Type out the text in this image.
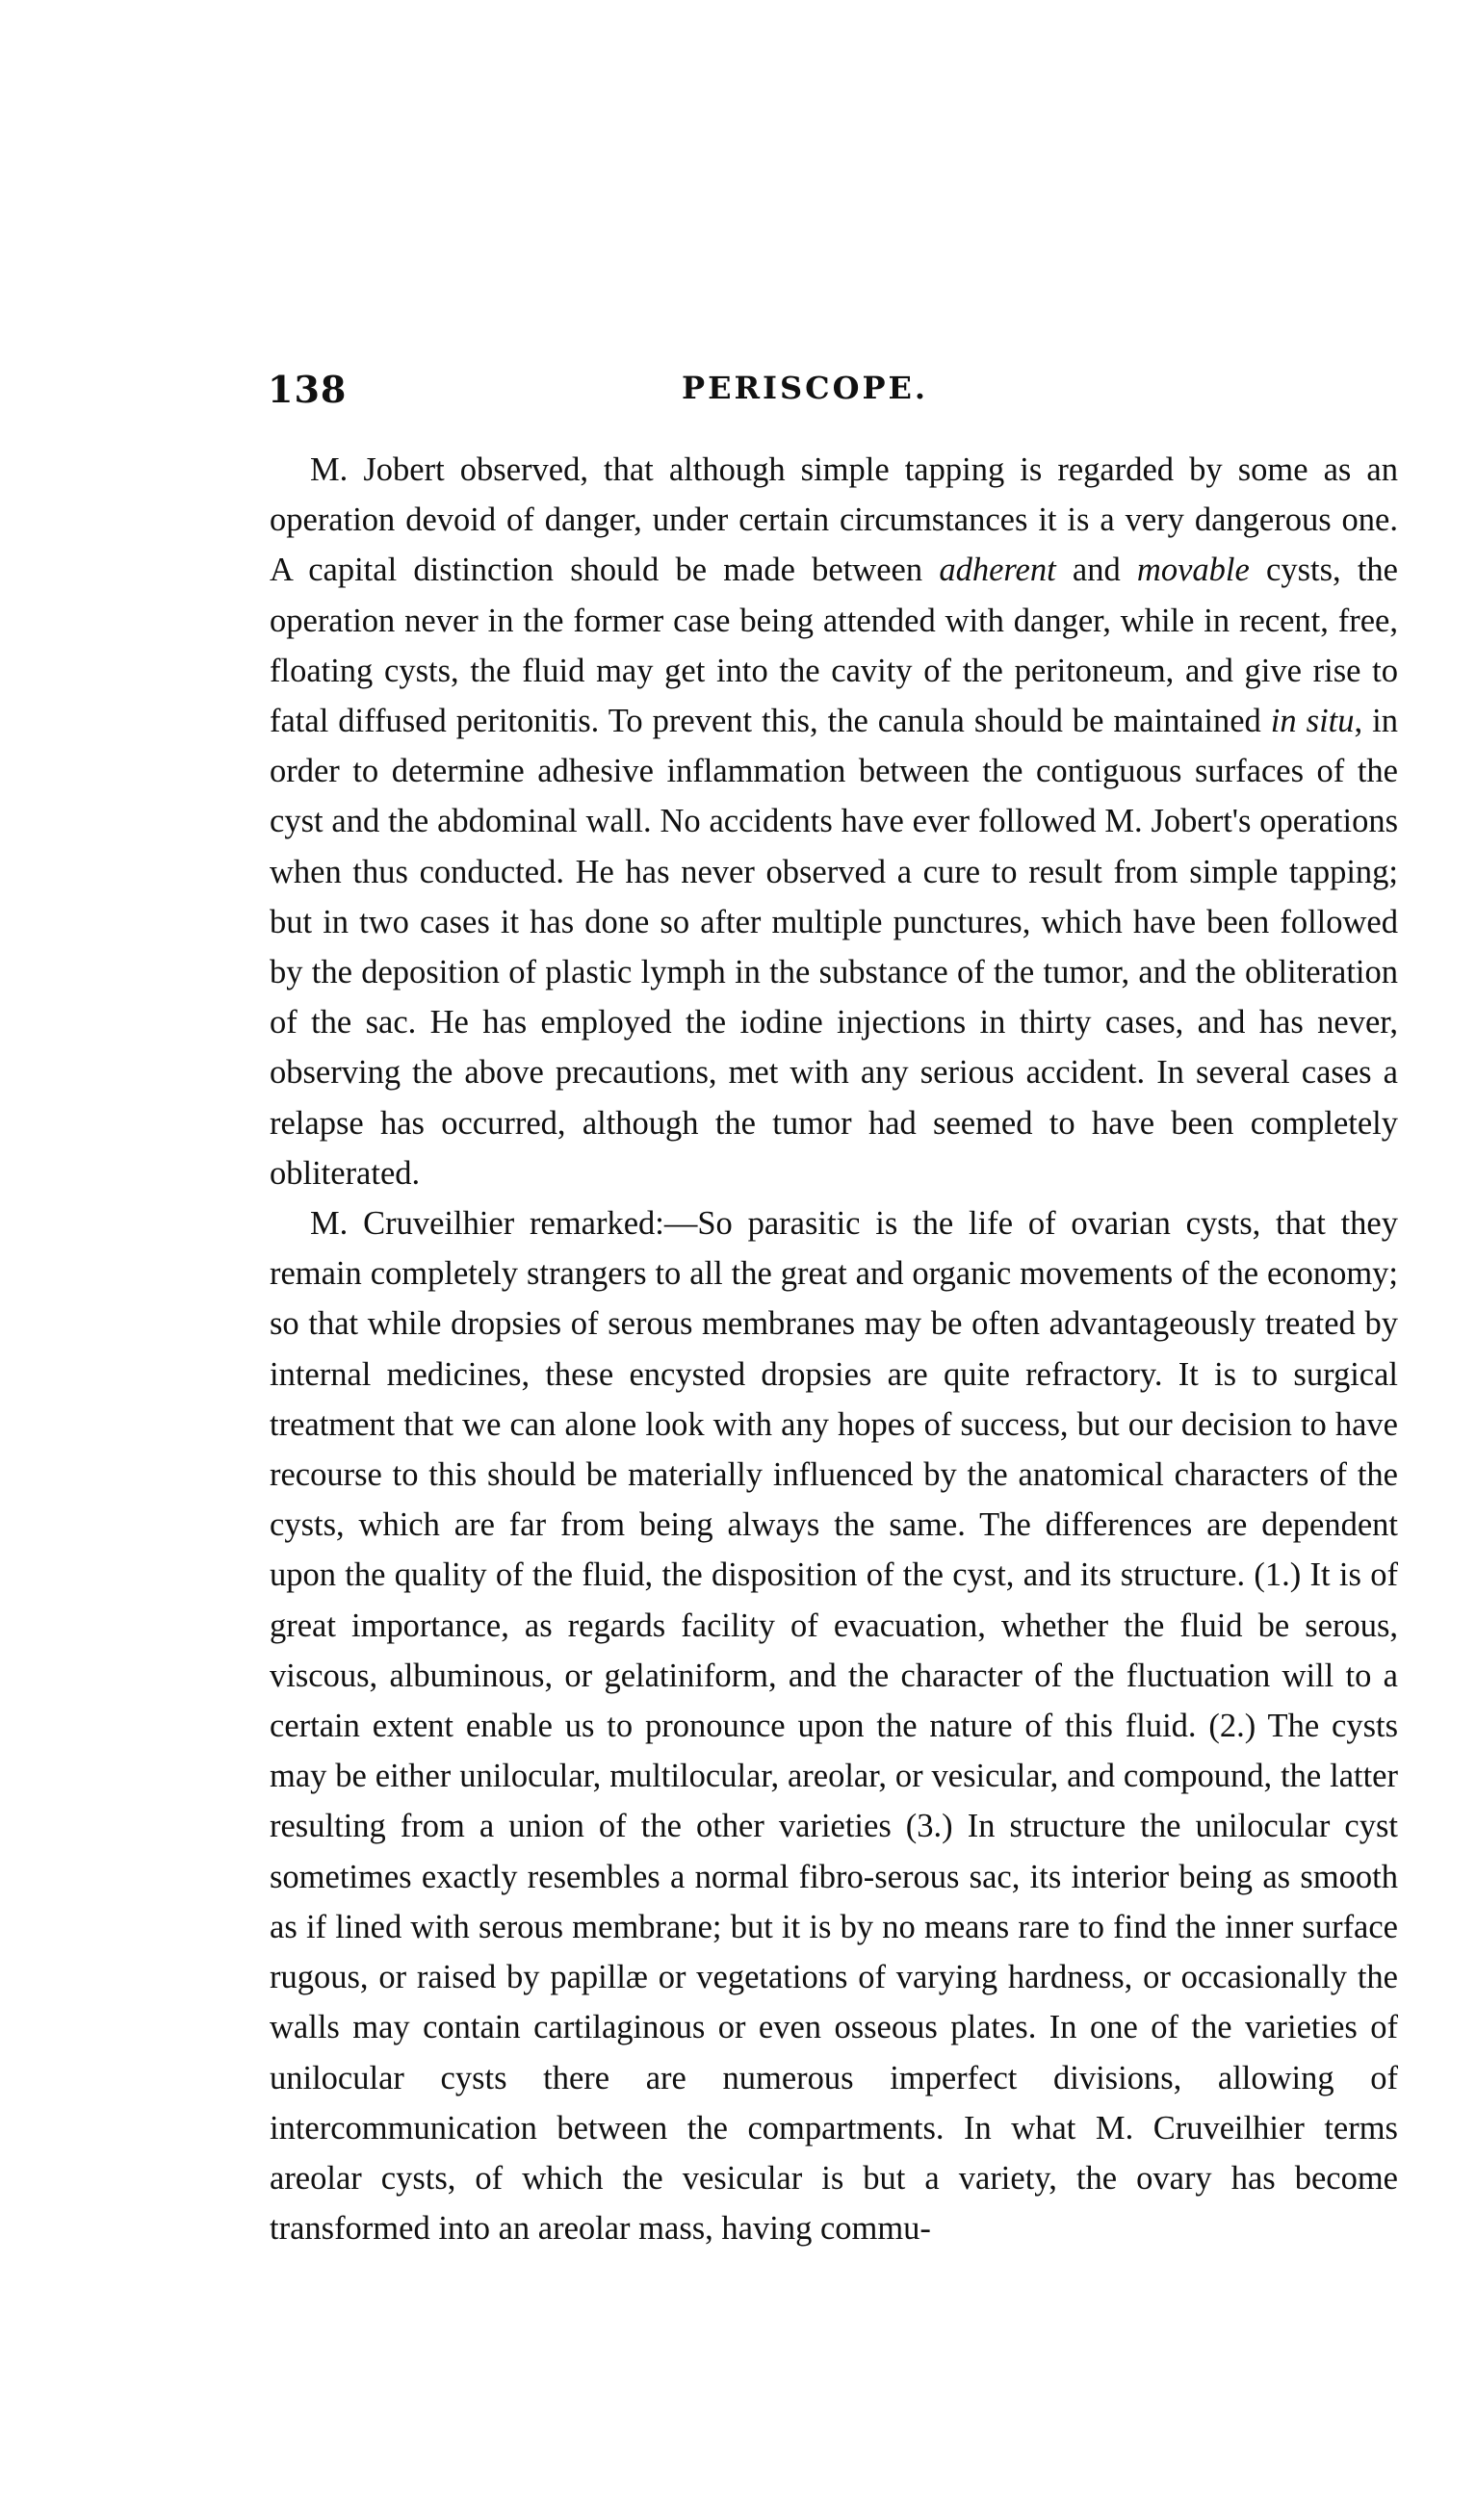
138	PERISCOPE.

M. Jobert observed, that although simple tapping is regarded by some as an operation devoid of danger, under certain circumstances it is a very dangerous one. A capital distinction should be made between adherent and movable cysts, the operation never in the former case being attended with danger, while in recent, free, floating cysts, the fluid may get into the cavity of the peritoneum, and give rise to fatal diffused peritonitis. To prevent this, the canula should be maintained in situ, in order to determine adhesive inflammation between the contiguous surfaces of the cyst and the abdominal wall. No accidents have ever followed M. Jobert's operations when thus conducted. He has never observed a cure to result from simple tapping; but in two cases it has done so after multiple punctures, which have been followed by the deposition of plastic lymph in the substance of the tumor, and the obliteration of the sac. He has employed the iodine injections in thirty cases, and has never, observing the above precautions, met with any serious accident. In several cases a relapse has occurred, although the tumor had seemed to have been completely obliterated.

M. Cruveilhier remarked:—So parasitic is the life of ovarian cysts, that they remain completely strangers to all the great and organic movements of the economy; so that while dropsies of serous membranes may be often advantageously treated by internal medicines, these encysted dropsies are quite refractory. It is to surgical treatment that we can alone look with any hopes of success, but our decision to have recourse to this should be materially influenced by the anatomical characters of the cysts, which are far from being always the same. The differences are dependent upon the quality of the fluid, the disposition of the cyst, and its structure. (1.) It is of great importance, as regards facility of evacuation, whether the fluid be serous, viscous, albuminous, or gelatiniform, and the character of the fluctuation will to a certain extent enable us to pronounce upon the nature of this fluid. (2.) The cysts may be either unilocular, multilocular, areolar, or vesicular, and compound, the latter resulting from a union of the other varieties (3.) In structure the unilocular cyst sometimes exactly resembles a normal fibro-serous sac, its interior being as smooth as if lined with serous membrane; but it is by no means rare to find the inner surface rugous, or raised by papillæ or vegetations of varying hardness, or occasionally the walls may contain cartilaginous or even osseous plates. In one of the varieties of unilocular cysts there are numerous imperfect divisions, allowing of intercommunication between the compartments. In what M. Cruveilhier terms areolar cysts, of which the vesicular is but a variety, the ovary has become transformed into an areolar mass, having commu-
